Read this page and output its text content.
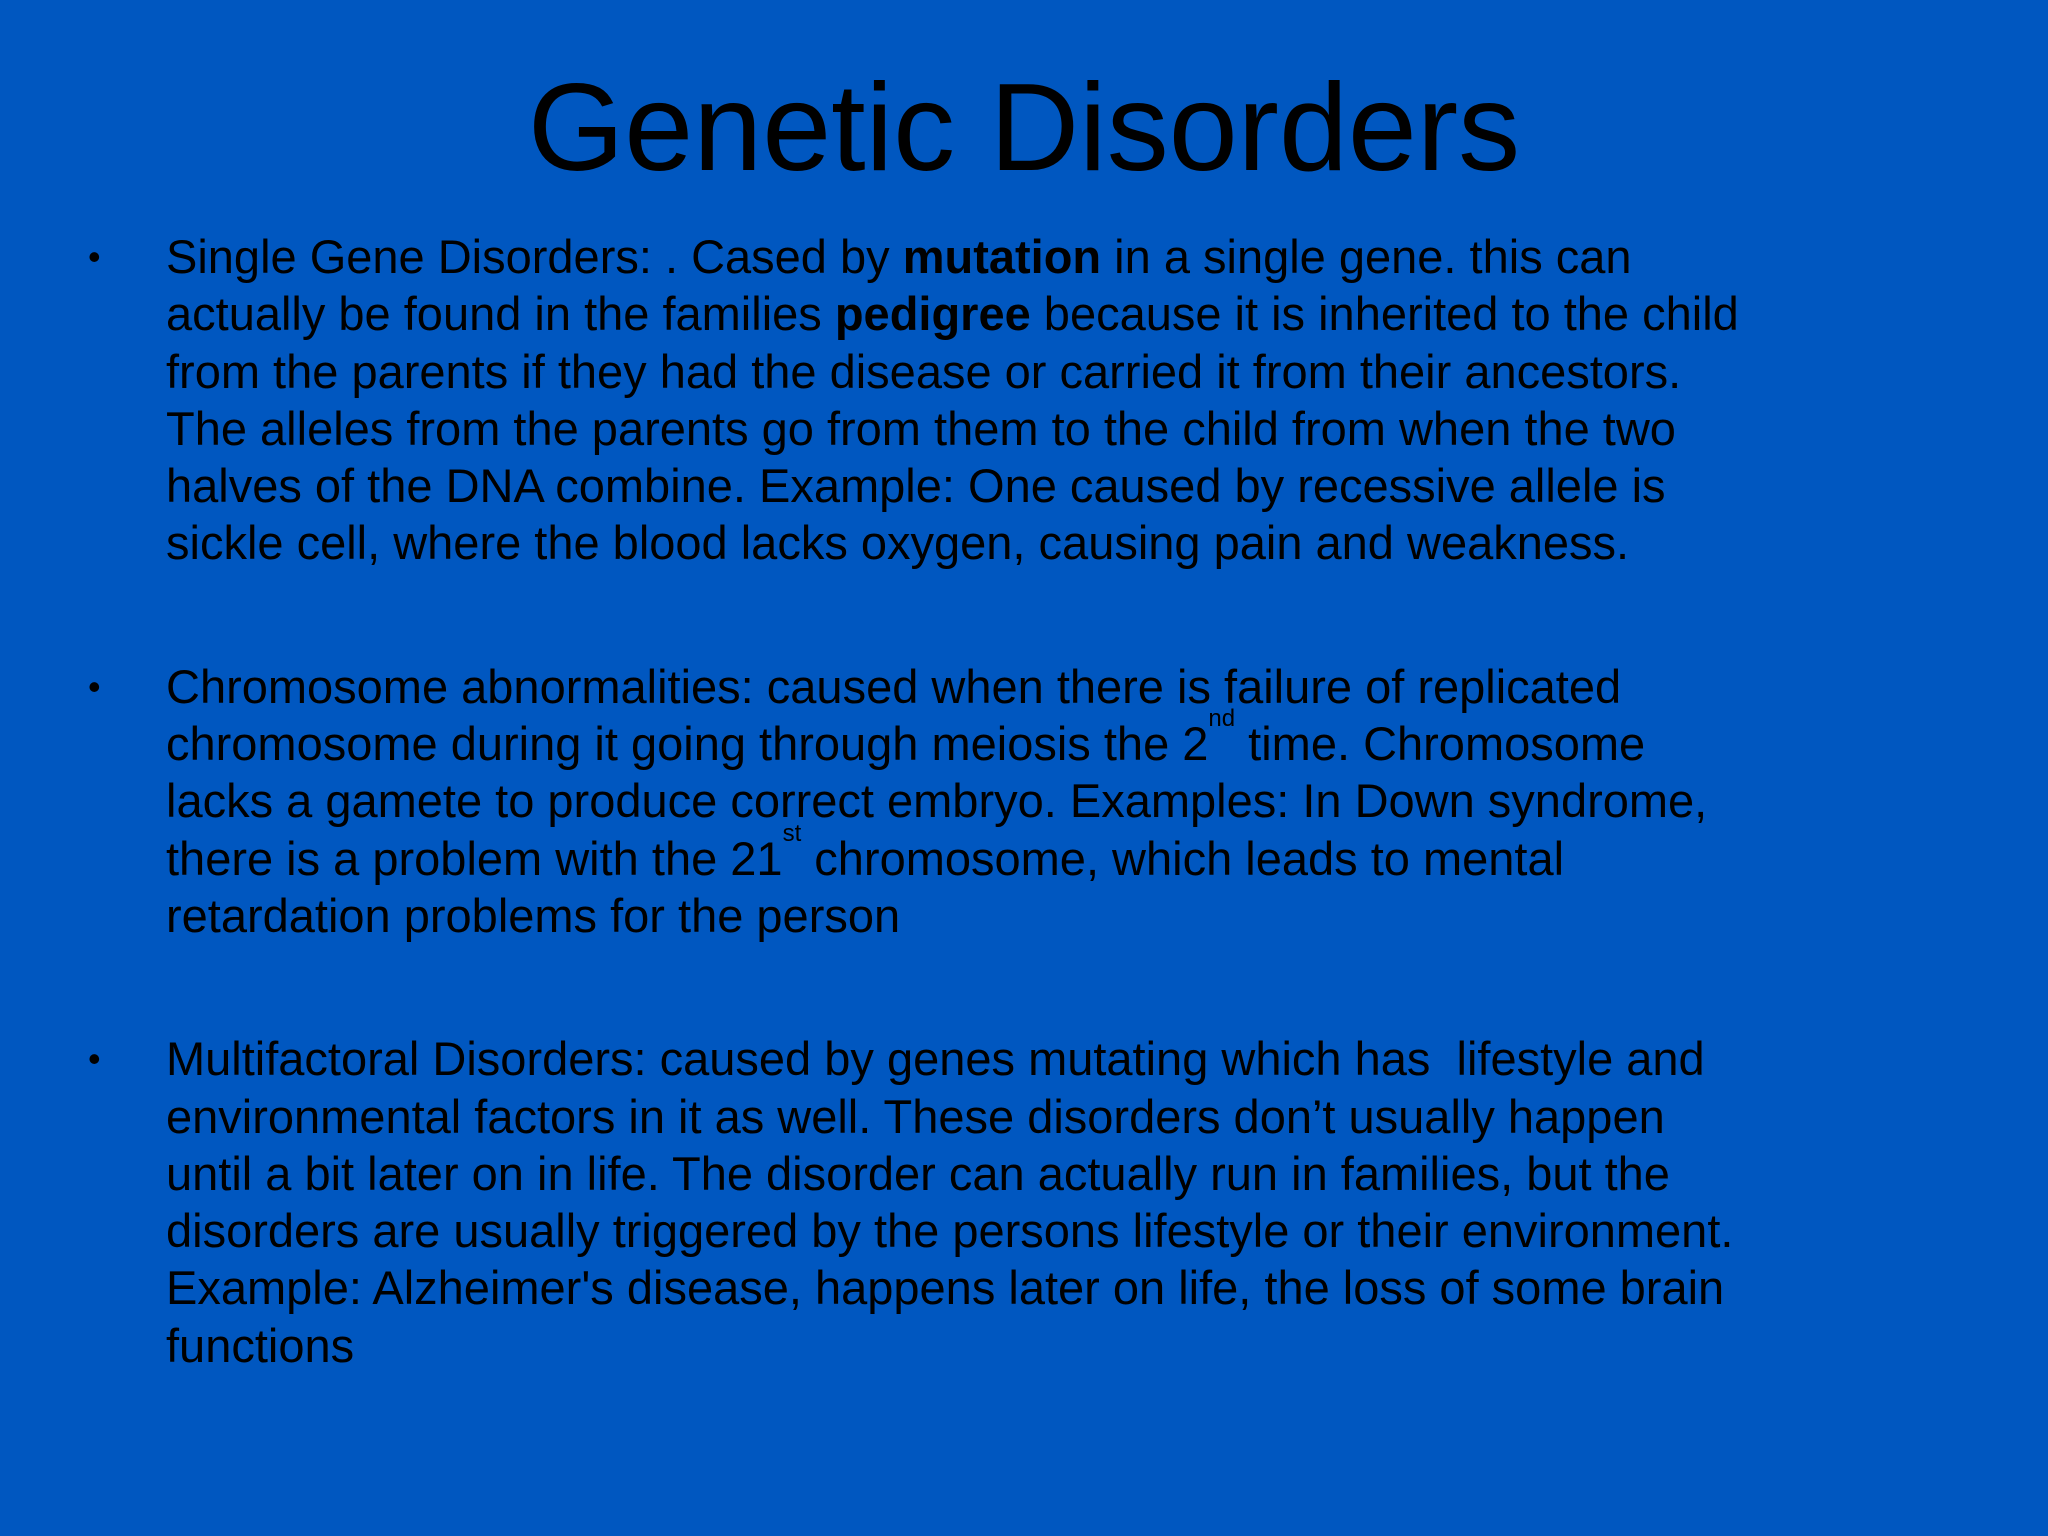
Genetic Disorders
• Single Gene Disorders: . Cased by mutation in a single gene. this can
actually be found in the families pedigree because it is inherited to the child
from the parents if they had the disease or carried it from their ancestors.
The alleles from the parents go from them to the child from when the two
halves of the DNA combine. Example: One caused by recessive allele is
sickle cell, where the blood lacks oxygen, causing pain and weakness.
• Chromosome abnormalities: caused when there is failure of replicated
chromosome during it going through meiosis the 2nd time. Chromosome
lacks a gamete to produce correct embryo. Examples: In Down syndrome,
there is a problem with the 21st chromosome, which leads to mental
retardation problems for the person
• Multifactoral Disorders: caused by genes mutating which has  lifestyle and
environmental factors in it as well. These disorders don’t usually happen
until a bit later on in life. The disorder can actually run in families, but the
disorders are usually triggered by the persons lifestyle or their environment.
Example: Alzheimer's disease, happens later on life, the loss of some brain
functions
